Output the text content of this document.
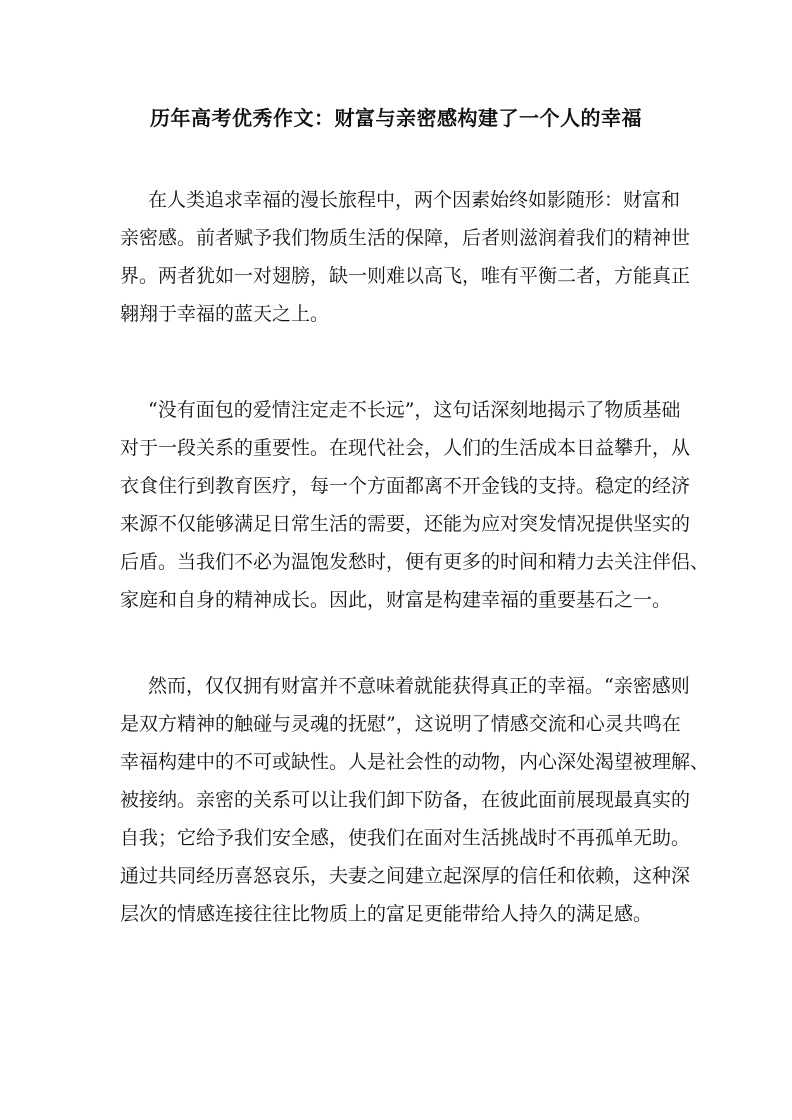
历年高考优秀作文：财富与亲密感构建了一个人的幸福
在人类追求幸福的漫长旅程中，两个因素始终如影随形：财富和
亲密感。前者赋予我们物质生活的保障，后者则滋润着我们的精神世
界。两者犹如一对翅膀，缺一则难以高飞，唯有平衡二者，方能真正
翱翔于幸福的蓝天之上。
“没有面包的爱情注定走不长远”，这句话深刻地揭示了物质基础
对于一段关系的重要性。在现代社会，人们的生活成本日益攀升，从
衣食住行到教育医疗，每一个方面都离不开金钱的支持。稳定的经济
来源不仅能够满足日常生活的需要，还能为应对突发情况提供坚实的
后盾。当我们不必为温饱发愁时，便有更多的时间和精力去关注伴侣、
家庭和自身的精神成长。因此，财富是构建幸福的重要基石之一。
然而，仅仅拥有财富并不意味着就能获得真正的幸福。“亲密感则
是双方精神的触碰与灵魂的抚慰”，这说明了情感交流和心灵共鸣在
幸福构建中的不可或缺性。人是社会性的动物，内心深处渴望被理解、
被接纳。亲密的关系可以让我们卸下防备，在彼此面前展现最真实的
自我；它给予我们安全感，使我们在面对生活挑战时不再孤单无助。
通过共同经历喜怒哀乐，夫妻之间建立起深厚的信任和依赖，这种深
层次的情感连接往往比物质上的富足更能带给人持久的满足感。
